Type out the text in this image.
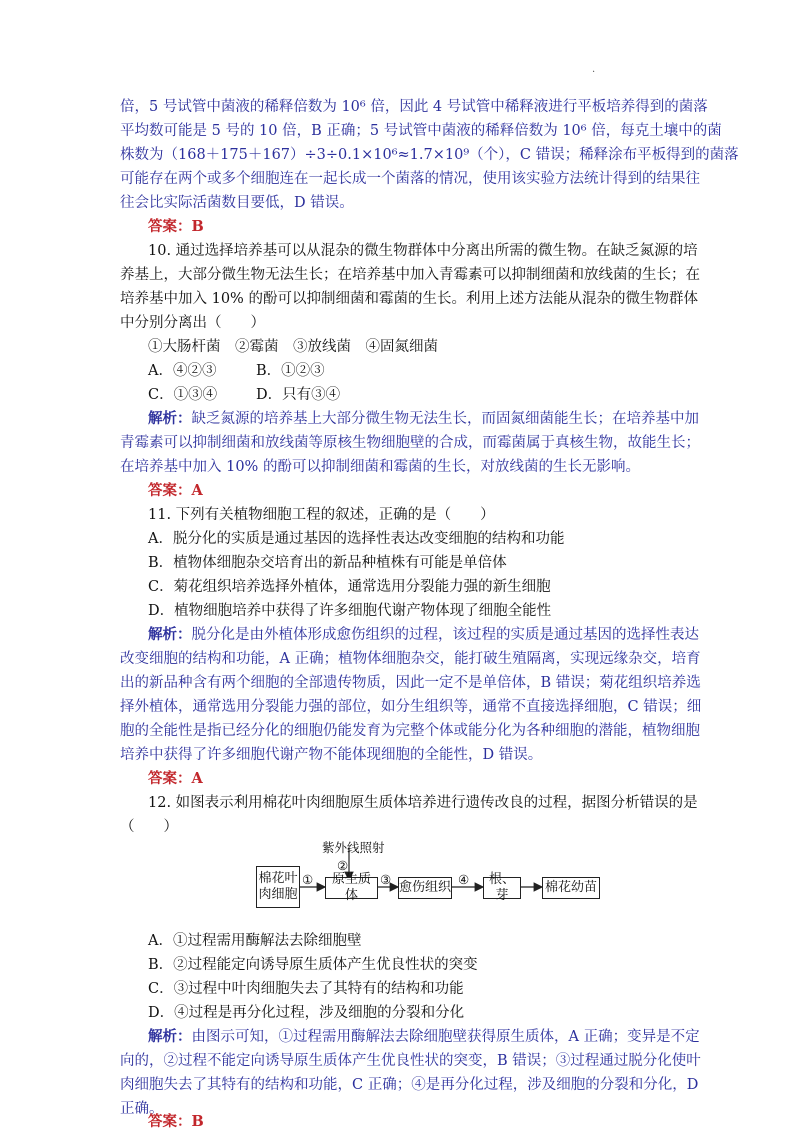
.
倍，5 号试管中菌液的稀释倍数为 10⁶ 倍，因此 4 号试管中稀释液进行平板培养得到的菌落
平均数可能是 5 号的 10 倍，B 正确；5 号试管中菌液的稀释倍数为 10⁶ 倍，每克土壤中的菌
株数为（168＋175＋167）÷3÷0.1×10⁶≈1.7×10⁹（个），C 错误；稀释涂布平板得到的菌落
可能存在两个或多个细胞连在一起长成一个菌落的情况，使用该实验方法统计得到的结果往
往会比实际活菌数目要低，D 错误。
答案：B
10. 通过选择培养基可以从混杂的微生物群体中分离出所需的微生物。在缺乏氮源的培
养基上，大部分微生物无法生长；在培养基中加入青霉素可以抑制细菌和放线菌的生长；在
培养基中加入 10% 的酚可以抑制细菌和霉菌的生长。利用上述方法能从混杂的微生物群体
中分别分离出（　　）
①大肠杆菌　②霉菌　③放线菌　④固氮细菌
A．④②③	B．①②③
C．①③④	D．只有③④
解析：缺乏氮源的培养基上大部分微生物无法生长，而固氮细菌能生长；在培养基中加
青霉素可以抑制细菌和放线菌等原核生物细胞壁的合成，而霉菌属于真核生物，故能生长；
在培养基中加入 10% 的酚可以抑制细菌和霉菌的生长，对放线菌的生长无影响。
答案：A
11. 下列有关植物细胞工程的叙述，正确的是（　　）
A．脱分化的实质是通过基因的选择性表达改变细胞的结构和功能
B．植物体细胞杂交培育出的新品种植株有可能是单倍体
C．菊花组织培养选择外植体，通常选用分裂能力强的新生细胞
D．植物细胞培养中获得了许多细胞代谢产物体现了细胞全能性
解析：脱分化是由外植体形成愈伤组织的过程，该过程的实质是通过基因的选择性表达
改变细胞的结构和功能，A 正确；植物体细胞杂交，能打破生殖隔离，实现远缘杂交，培育
出的新品种含有两个细胞的全部遗传物质，因此一定不是单倍体，B 错误；菊花组织培养选
择外植体，通常选用分裂能力强的部位，如分生组织等，通常不直接选择细胞，C 错误；细
胞的全能性是指已经分化的细胞仍能发育为完整个体或能分化为各种细胞的潜能，植物细胞
培养中获得了许多细胞代谢产物不能体现细胞的全能性，D 错误。
答案：A
12. 如图表示利用棉花叶肉细胞原生质体培养进行遗传改良的过程，据图分析错误的是
（　　）
紫外线照射
②
①	③	④
棉花叶
肉细胞
原生质体
愈伤组织
根、芽
棉花幼苗
A．①过程需用酶解法去除细胞壁
B．②过程能定向诱导原生质体产生优良性状的突变
C．③过程中叶肉细胞失去了其特有的结构和功能
D．④过程是再分化过程，涉及细胞的分裂和分化
解析：由图示可知，①过程需用酶解法去除细胞壁获得原生质体，A 正确；变异是不定
向的，②过程不能定向诱导原生质体产生优良性状的突变，B 错误；③过程通过脱分化使叶
肉细胞失去了其特有的结构和功能，C 正确；④是再分化过程，涉及细胞的分裂和分化，D
正确。
答案：B
